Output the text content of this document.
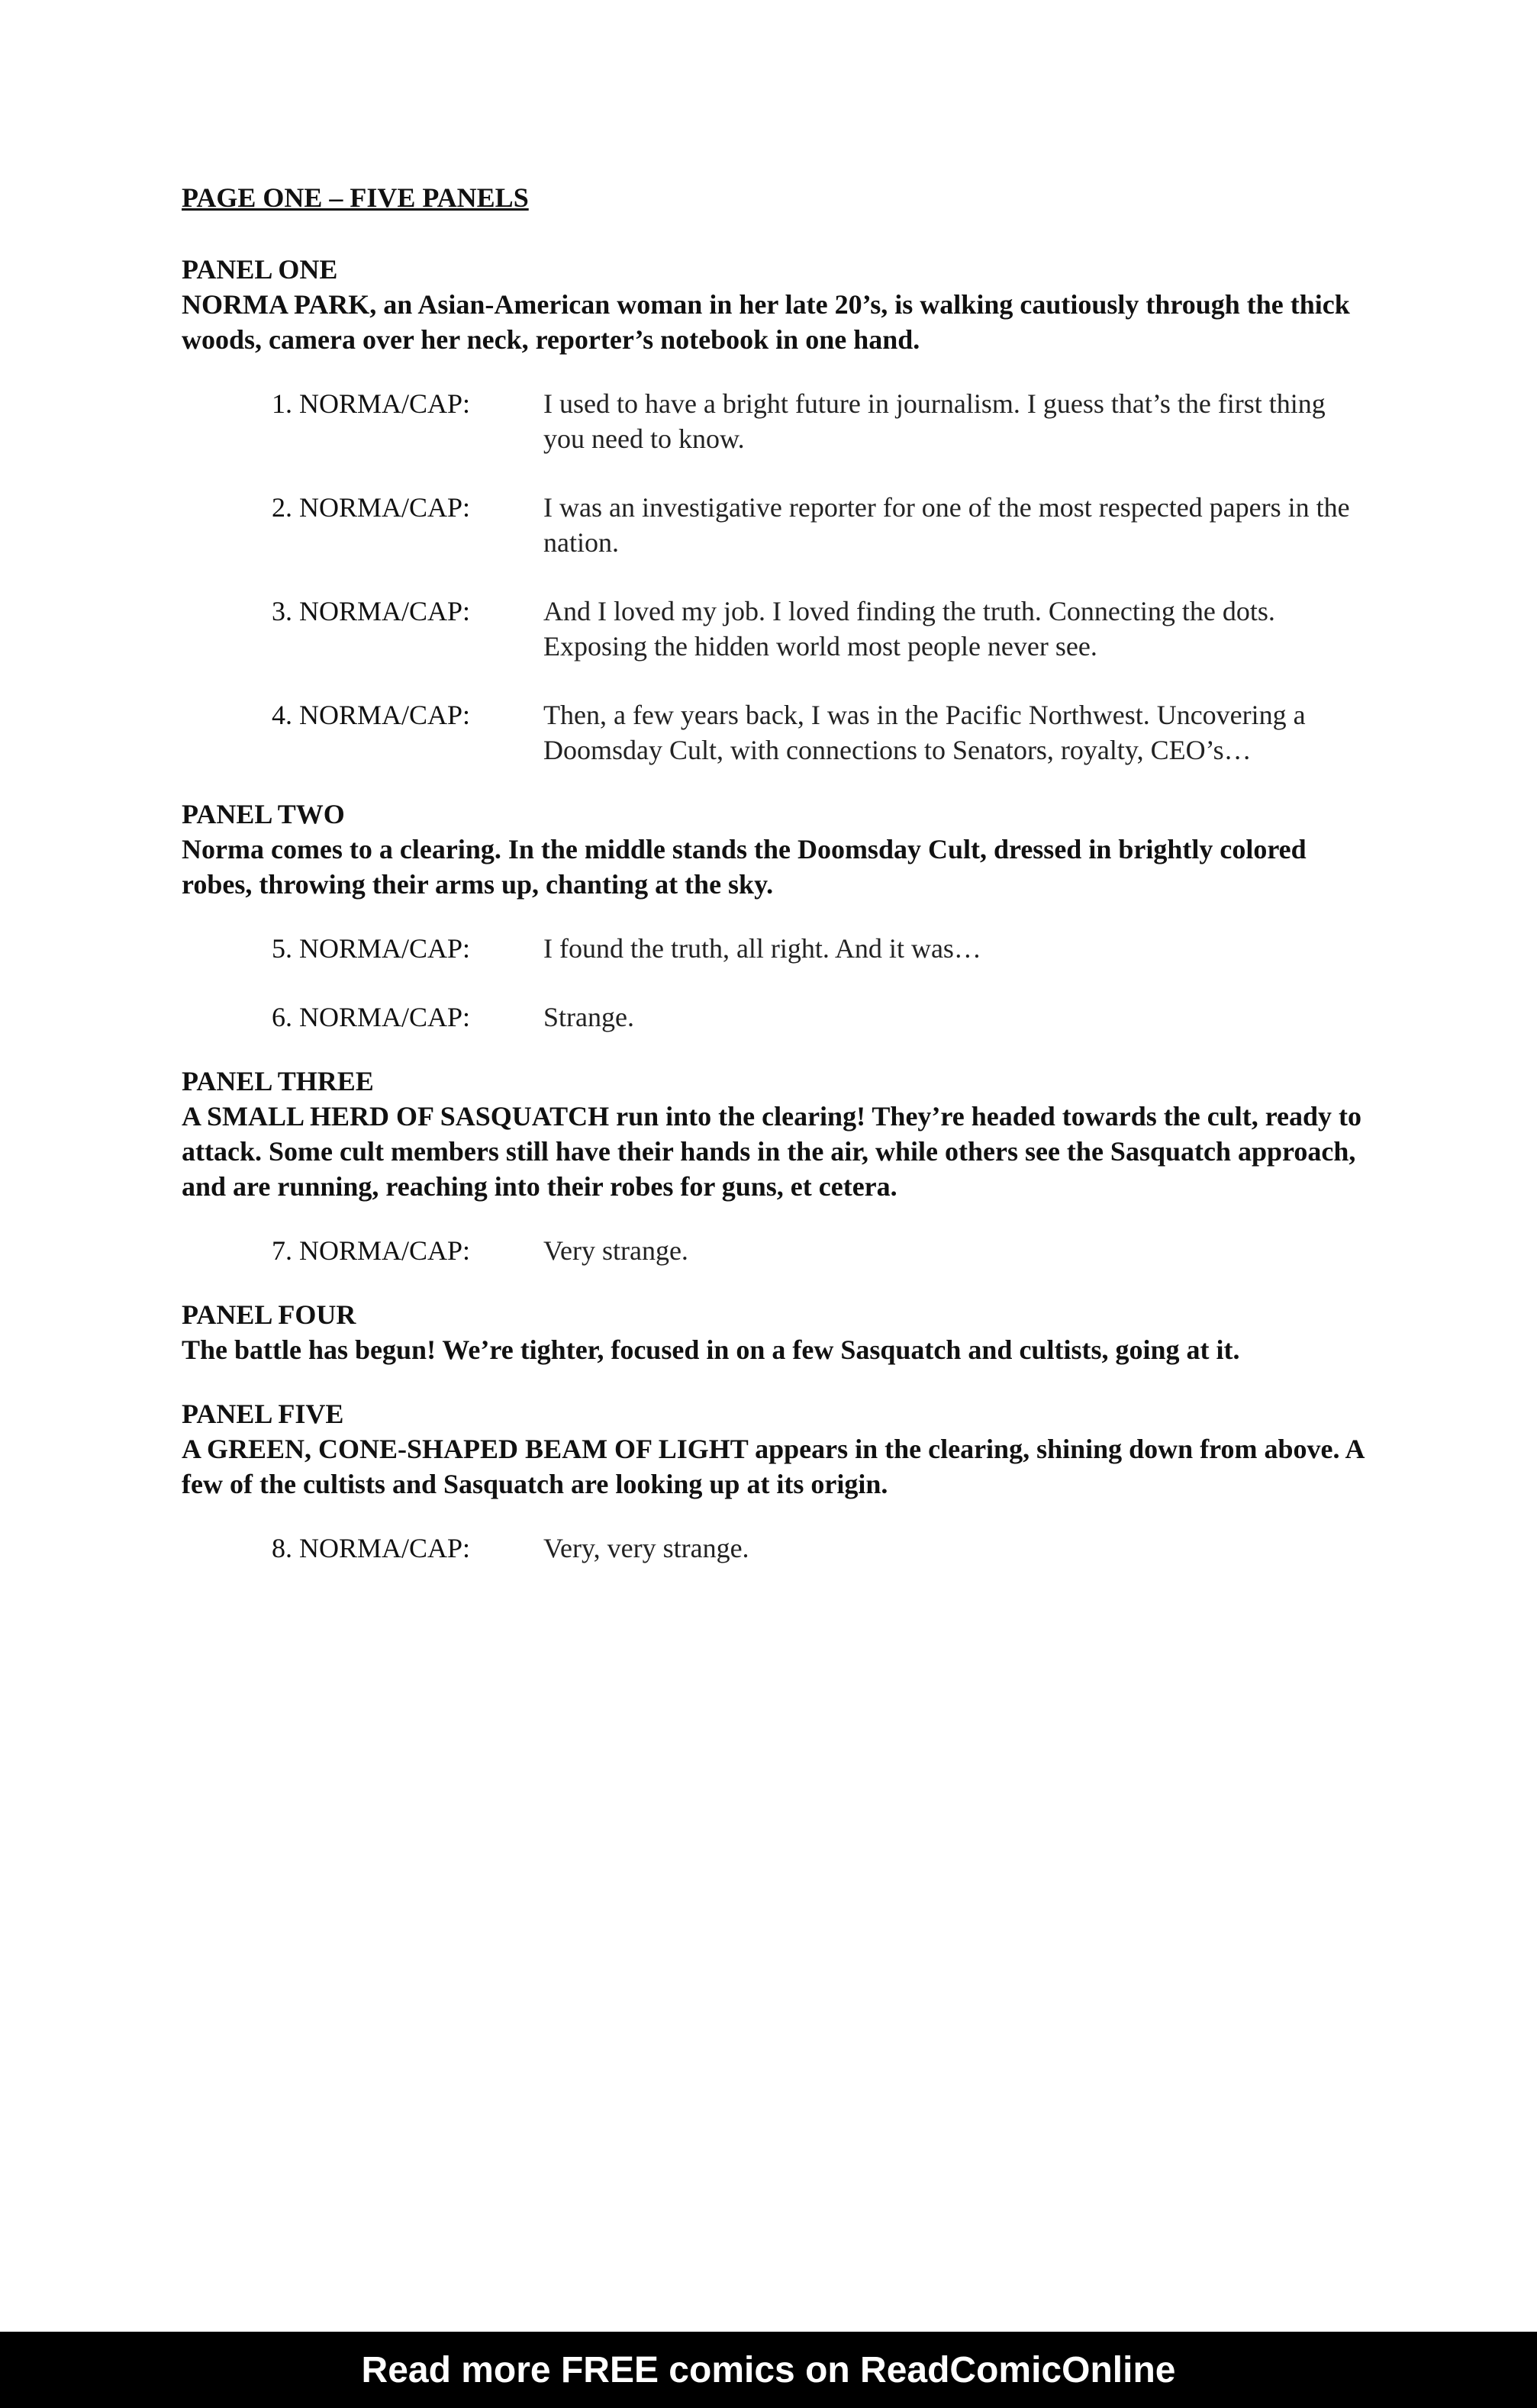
PAGE ONE – FIVE PANELS
PANEL ONE
NORMA PARK, an Asian-American woman in her late 20’s, is walking cautiously through the thick woods, camera over her neck, reporter’s notebook in one hand.
1. NORMA/CAP:	I used to have a bright future in journalism. I guess that’s the first thing you need to know.
2. NORMA/CAP:	I was an investigative reporter for one of the most respected papers in the nation.
3. NORMA/CAP:	And I loved my job. I loved finding the truth. Connecting the dots. Exposing the hidden world most people never see.
4. NORMA/CAP:	Then, a few years back, I was in the Pacific Northwest. Uncovering a Doomsday Cult, with connections to Senators, royalty, CEO’s…
PANEL TWO
Norma comes to a clearing. In the middle stands the Doomsday Cult, dressed in brightly colored robes, throwing their arms up, chanting at the sky.
5. NORMA/CAP:	I found the truth, all right. And it was…
6. NORMA/CAP:	Strange.
PANEL THREE
A SMALL HERD OF SASQUATCH run into the clearing! They’re headed towards the cult, ready to attack. Some cult members still have their hands in the air, while others see the Sasquatch approach, and are running, reaching into their robes for guns, et cetera.
7. NORMA/CAP:	Very strange.
PANEL FOUR
The battle has begun! We’re tighter, focused in on a few Sasquatch and cultists, going at it.
PANEL FIVE
A GREEN, CONE-SHAPED BEAM OF LIGHT appears in the clearing, shining down from above. A few of the cultists and Sasquatch are looking up at its origin.
8. NORMA/CAP:	Very, very strange.
Read more FREE comics on ReadComicOnline
